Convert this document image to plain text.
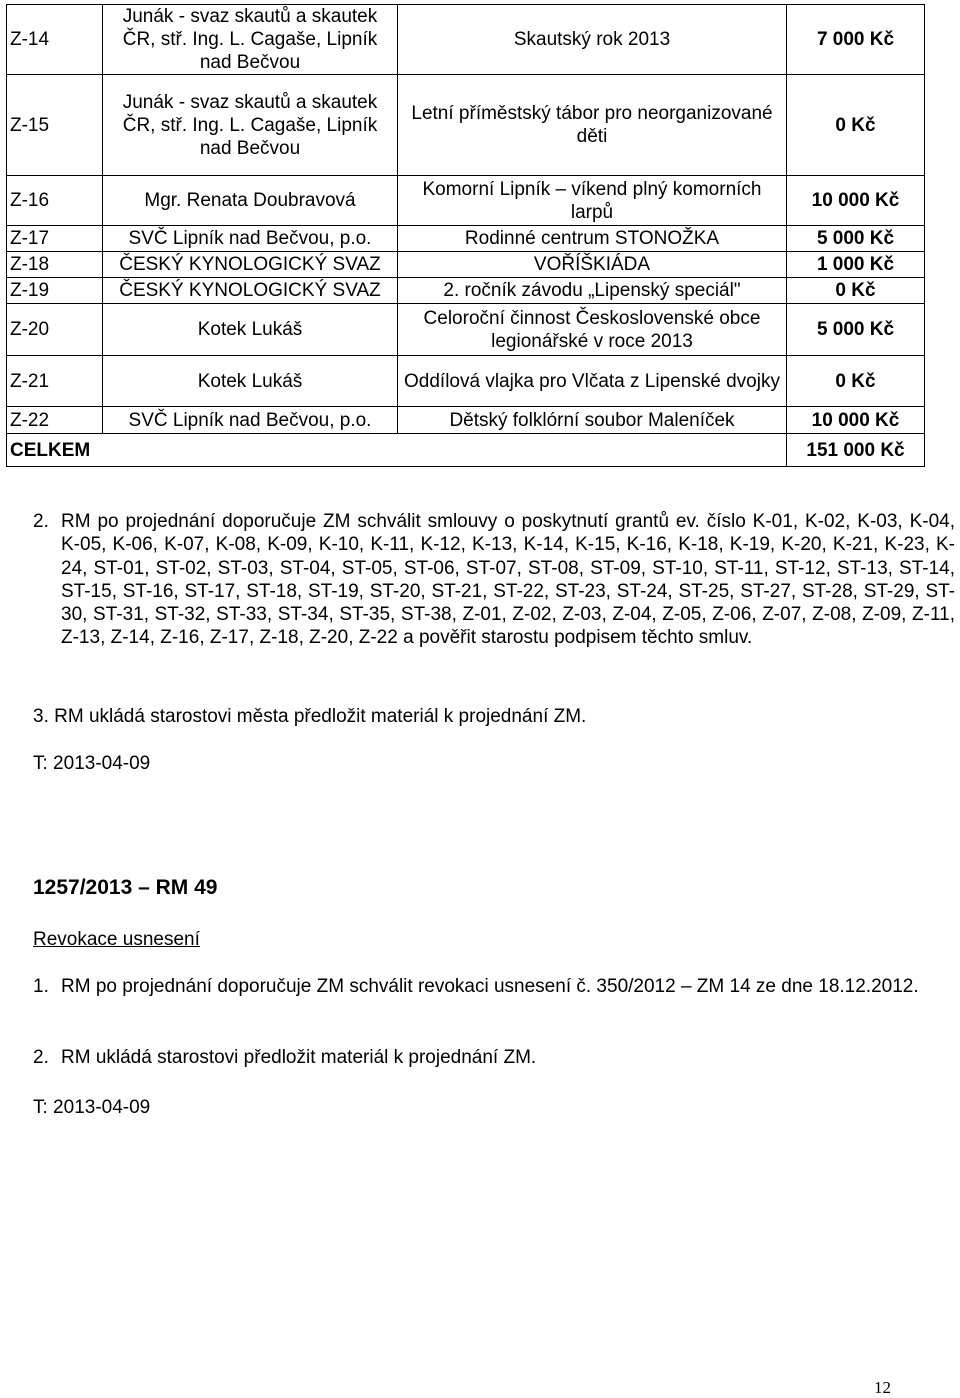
Z-14	Junák - svaz skautů a skautek ČR, stř. Ing. L. Cagaše, Lipník nad Bečvou	Skautský rok 2013	7 000 Kč
Z-15	Junák - svaz skautů a skautek ČR, stř. Ing. L. Cagaše, Lipník nad Bečvou	Letní příměstský tábor pro neorganizované děti	0 Kč
Z-16	Mgr. Renata Doubravová	Komorní Lipník – víkend plný komorních larpů	10 000 Kč
Z-17	SVČ Lipník nad Bečvou, p.o.	Rodinné centrum STONOŽKA	5 000 Kč
Z-18	ČESKÝ KYNOLOGICKÝ SVAZ	VOŘÍŠKIÁDA	1 000 Kč
Z-19	ČESKÝ KYNOLOGICKÝ SVAZ	2. ročník závodu „Lipenský speciál"	0 Kč
Z-20	Kotek Lukáš	Celoroční činnost Československé obce legionářské v roce 2013	5 000 Kč
Z-21	Kotek Lukáš	Oddílová vlajka pro Vlčata z Lipenské dvojky	0 Kč
Z-22	SVČ Lipník nad Bečvou, p.o.	Dětský folklórní soubor Maleníček	10 000 Kč
CELKEM			151 000 Kč
2. RM po projednání doporučuje ZM schválit smlouvy o poskytnutí grantů ev. číslo K-01, K-02, K-03, K-04, K-05, K-06, K-07, K-08, K-09, K-10, K-11, K-12, K-13, K-14, K-15, K-16, K-18, K-19, K-20, K-21, K-23, K-24, ST-01, ST-02, ST-03, ST-04, ST-05, ST-06, ST-07, ST-08, ST-09, ST-10, ST-11, ST-12, ST-13, ST-14, ST-15, ST-16, ST-17, ST-18, ST-19, ST-20, ST-21, ST-22, ST-23, ST-24, ST-25, ST-27, ST-28, ST-29, ST-30, ST-31, ST-32, ST-33, ST-34, ST-35, ST-38, Z-01, Z-02, Z-03, Z-04, Z-05, Z-06, Z-07, Z-08, Z-09, Z-11, Z-13, Z-14, Z-16, Z-17, Z-18, Z-20, Z-22 a pověřit starostu podpisem těchto smluv.
3. RM ukládá starostovi města předložit materiál k projednání ZM.
T: 2013-04-09
1257/2013 – RM 49
Revokace usnesení
1. RM po projednání doporučuje ZM schválit revokaci usnesení č. 350/2012 – ZM 14 ze dne 18.12.2012.
2. RM ukládá starostovi předložit materiál k projednání ZM.
T: 2013-04-09
12
